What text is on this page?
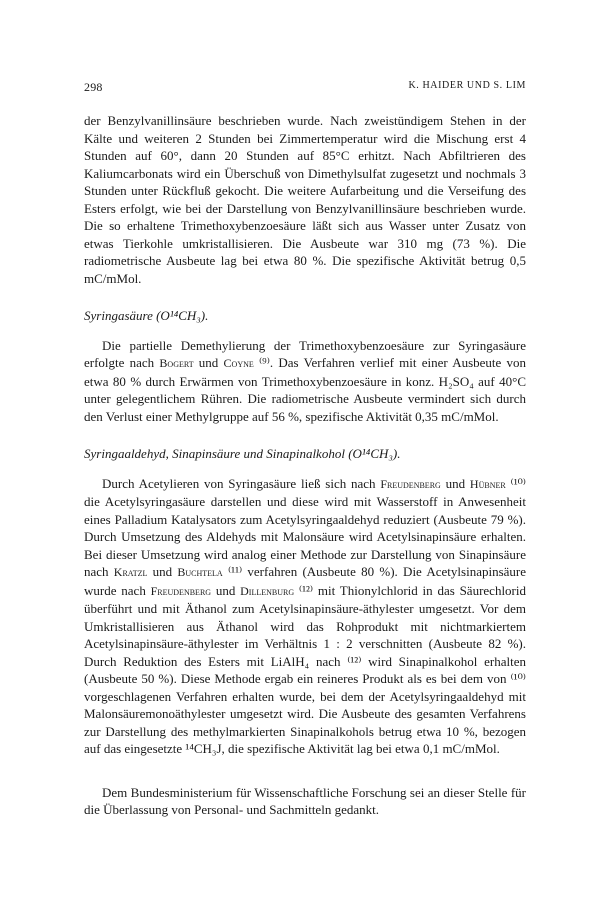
298	K. HAIDER UND S. LIM

der Benzylvanillinsäure beschrieben wurde. Nach zweistündigem Stehen in der Kälte und weiteren 2 Stunden bei Zimmertemperatur wird die Mischung erst 4 Stunden auf 60°, dann 20 Stunden auf 85°C erhitzt. Nach Abfiltrieren des Kaliumcarbonats wird ein Überschuß von Dimethylsulfat zugesetzt und nochmals 3 Stunden unter Rückfluß gekocht. Die weitere Aufarbeitung und die Verseifung des Esters erfolgt, wie bei der Darstellung von Benzylvanillinsäure beschrieben wurde. Die so erhaltene Trimethoxybenzoesäure läßt sich aus Wasser unter Zusatz von etwas Tierkohle umkristallisieren. Die Ausbeute war 310 mg (73 %). Die radiometrische Ausbeute lag bei etwa 80 %. Die spezifische Aktivität betrug 0,5 mC/mMol.

Syringasäure (O¹⁴CH₃).

Die partielle Demethylierung der Trimethoxybenzoesäure zur Syringasäure erfolgte nach Bogert und Coyne ⁽⁹⁾. Das Verfahren verlief mit einer Ausbeute von etwa 80 % durch Erwärmen von Trimethoxybenzoesäure in konz. H₂SO₄ auf 40°C unter gelegentlichem Rühren. Die radiometrische Ausbeute vermindert sich durch den Verlust einer Methylgruppe auf 56 %, spezifische Aktivität 0,35 mC/mMol.

Syringaaldehyd, Sinapinsäure und Sinapinalkohol (O¹⁴CH₃).

Durch Acetylieren von Syringasäure ließ sich nach Freudenberg und Hübner ⁽¹⁰⁾ die Acetylsyringasäure darstellen und diese wird mit Wasserstoff in Anwesenheit eines Palladium Katalysators zum Acetylsyringaaldehyd reduziert (Ausbeute 79 %). Durch Umsetzung des Aldehyds mit Malonsäure wird Acetylsinapinsäure erhalten. Bei dieser Umsetzung wird analog einer Methode zur Darstellung von Sinapinsäure nach Kratzl und Buchtela ⁽¹¹⁾ verfahren (Ausbeute 80 %). Die Acetylsinapinsäure wurde nach Freudenberg und Dillenburg ⁽¹²⁾ mit Thionylchlorid in das Säurechlorid überführt und mit Äthanol zum Acetylsinapinsäure-äthylester umgesetzt. Vor dem Umkristallisieren aus Äthanol wird das Rohprodukt mit nichtmarkiertem Acetylsinapinsäure-äthylester im Verhältnis 1 : 2 verschnitten (Ausbeute 82 %). Durch Reduktion des Esters mit LiAlH₄ nach ⁽¹²⁾ wird Sinapinalkohol erhalten (Ausbeute 50 %). Diese Methode ergab ein reineres Produkt als es bei dem von ⁽¹⁰⁾ vorgeschlagenen Verfahren erhalten wurde, bei dem der Acetylsyringaaldehyd mit Malonsäuremonoäthylester umgesetzt wird. Die Ausbeute des gesamten Verfahrens zur Darstellung des methylmarkierten Sinapinalkohols betrug etwa 10 %, bezogen auf das eingesetzte ¹⁴CH₃J, die spezifische Aktivität lag bei etwa 0,1 mC/mMol.

Dem Bundesministerium für Wissenschaftliche Forschung sei an dieser Stelle für die Überlassung von Personal- und Sachmitteln gedankt.
